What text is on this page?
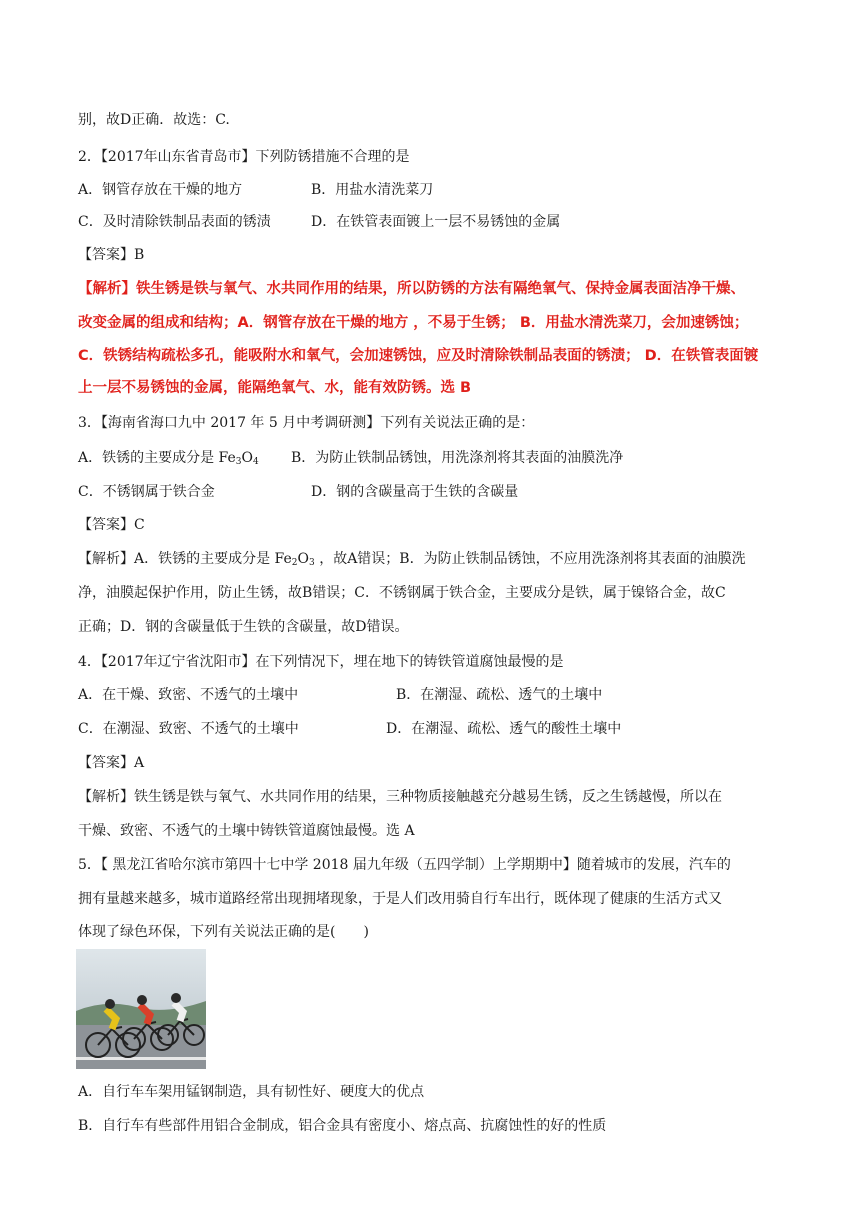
别，故D正确．故选：C.
2．【2017年山东省青岛市】下列防锈措施不合理的是
A．钢管存放在干燥的地方	B．用盐水清洗菜刀
C．及时清除铁制品表面的锈渍	D．在铁管表面镀上一层不易锈蚀的金属
【答案】B
【解析】铁生锈是铁与氧气、水共同作用的结果，所以防锈的方法有隔绝氧气、保持金属表面洁净干燥、
改变金属的组成和结构；A．钢管存放在干燥的地方 ，不易于生锈； B．用盐水清洗菜刀，会加速锈蚀；
C．铁锈结构疏松多孔，能吸附水和氧气，会加速锈蚀，应及时清除铁制品表面的锈渍； D．在铁管表面镀
上一层不易锈蚀的金属，能隔绝氧气、水，能有效防锈。选 B
3．【海南省海口九中 2017 年 5 月中考调研测】下列有关说法正确的是：
A．铁锈的主要成分是 $Fe_3O_4$ B．为防止铁制品锈蚀，用洗涤剂将其表面的油膜洗净
C．不锈钢属于铁合金	D．钢的含碳量高于生铁的含碳量
【答案】C
【解析】A．铁锈的主要成分是 $Fe_2O_3$ ，故A错误；B．为防止铁制品锈蚀，不应用洗涤剂将其表面的油膜洗
净，油膜起保护作用，防止生锈，故B错误；C．不锈钢属于铁合金，主要成分是铁，属于镍铬合金，故C
正确；D．钢的含碳量低于生铁的含碳量，故D错误。
4．【2017年辽宁省沈阳市】在下列情况下，埋在地下的铸铁管道腐蚀最慢的是
A．在干燥、致密、不透气的土壤中	B．在潮湿、疏松、透气的土壤中
C．在潮湿、致密、不透气的土壤中	D．在潮湿、疏松、透气的酸性土壤中
【答案】A
【解析】铁生锈是铁与氧气、水共同作用的结果，三种物质接触越充分越易生锈，反之生锈越慢，所以在
干燥、致密、不透气的土壤中铸铁管道腐蚀最慢。选 A
5．【 黑龙江省哈尔滨市第四十七中学 2018 届九年级（五四学制）上学期期中】随着城市的发展，汽车的
拥有量越来越多，城市道路经常出现拥堵现象，于是人们改用骑自行车出行，既体现了健康的生活方式又
体现了绿色环保，下列有关说法正确的是(　　)
A．自行车车架用锰钢制造，具有韧性好、硬度大的优点
B．自行车有些部件用铝合金制成，铝合金具有密度小、熔点高、抗腐蚀性的好的性质
